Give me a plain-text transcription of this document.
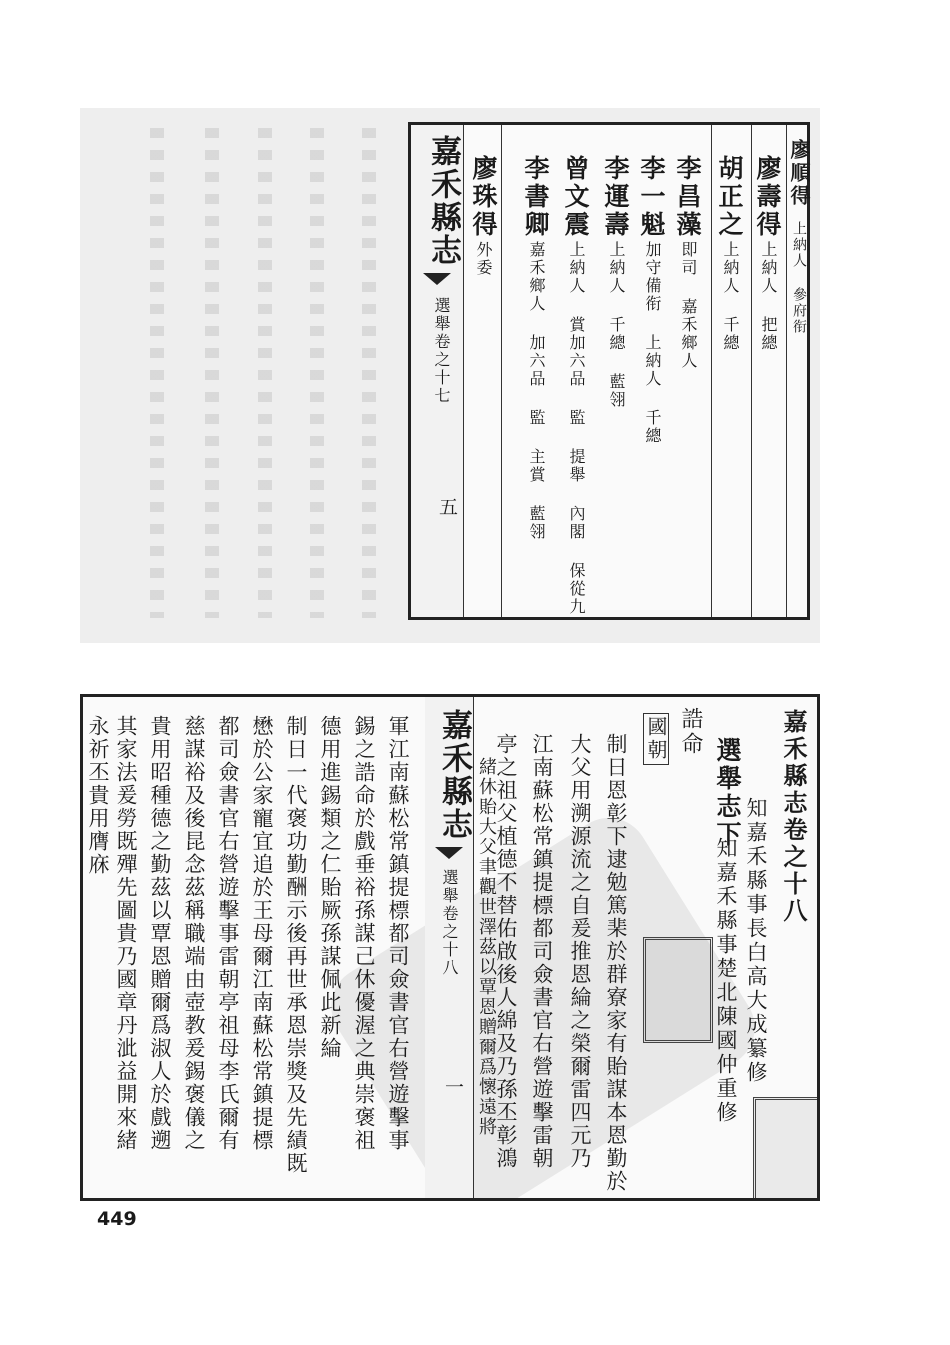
嘉禾縣志
選舉卷之十七
五
廖珠得
外委
李書卿
嘉禾鄉人 加六品 監 主賞 藍翎
曾文震
上納人 賞加六品 監 提舉 內閣 保從九
李運壽
上納人 千總 藍翎
李一魁
加守備衔 上納人 千總
李昌藻
即司 嘉禾鄉人
胡正之
上納人 千總
廖壽得
上納人 把總
廖順得
上納人 參府衔
嘉禾縣志
選舉卷之十八
一
嘉禾縣志卷之十八
知嘉禾縣事長白高大成纂修
選舉志下
知嘉禾縣事楚北陳國仲重修
誥命
國朝
制日恩彰下逮勉篤棐於群寮家有貽謀本恩勤於
大父用溯源流之自爰推恩綸之榮爾雷四元乃
江南蘇松常鎮提標都司僉書官右營遊擊雷朝
亭之祖父植德不替佑啟後人綿及乃孫丕彰鴻
緒休貽大父聿觀世澤茲以覃恩贈爾爲懷遠將
軍江南蘇松常鎮提標都司僉書官右營遊擊事
錫之誥命於戲垂裕孫謀己休優渥之典崇褒祖
德用進錫類之仁貽厥孫謀佩此新綸
制日一代褒功勤酬示後再世承恩崇獎及先績既
懋於公家寵宜追於王母爾江南蘇松常鎮提標
都司僉書官右營遊擊事雷朝亭祖母李氏爾有
慈謀裕及後昆念茲稱職端由壺教爰錫褒儀之
貴用昭種德之勤茲以覃恩贈爾爲淑人於戲遡
其家法爰勞既殫先圖貴乃國章丹泚益開來緒
永祈丕貴用膺庥
449
